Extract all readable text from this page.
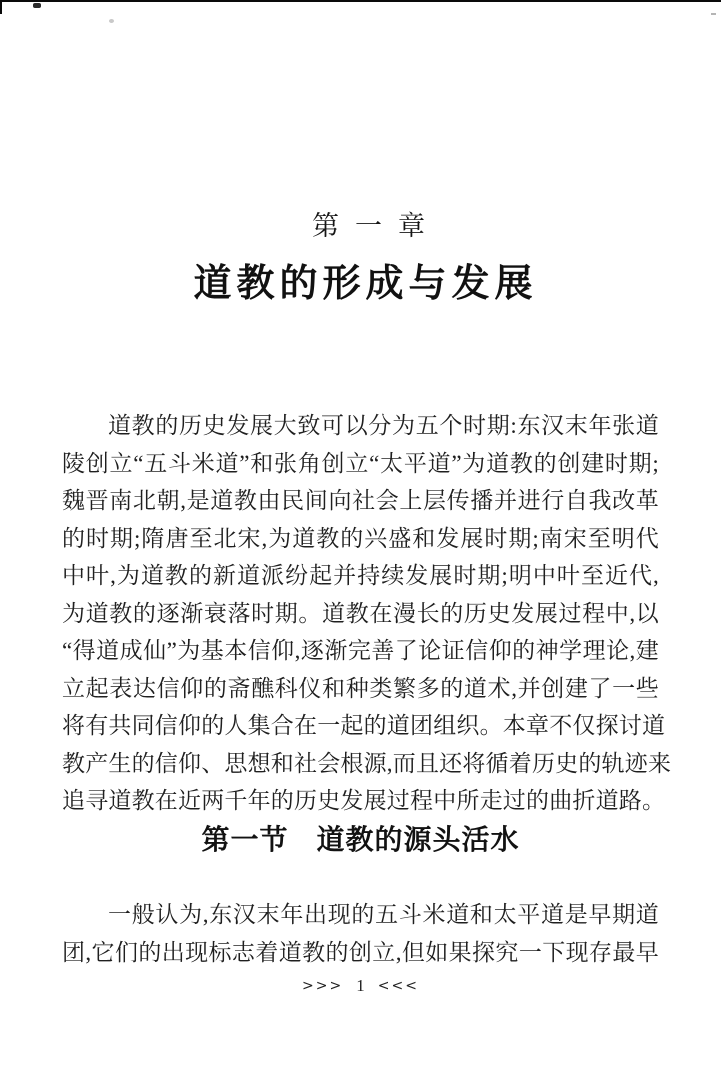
第一章
道教的形成与发展

道教的历史发展大致可以分为五个时期:东汉末年张道

陵创立“五斗米道”和张角创立“太平道”为道教的创建时期;

魏晋南北朝,是道教由民间向社会上层传播并进行自我改革

的时期;隋唐至北宋,为道教的兴盛和发展时期;南宋至明代

中叶,为道教的新道派纷起并持续发展时期;明中叶至近代,

为道教的逐渐衰落时期。道教在漫长的历史发展过程中,以

“得道成仙”为基本信仰,逐渐完善了论证信仰的神学理论,建

立起表达信仰的斋醮科仪和种类繁多的道术,并创建了一些

将有共同信仰的人集合在一起的道团组织。本章不仅探讨道

教产生的信仰、思想和社会根源,而且还将循着历史的轨迹来

追寻道教在近两千年的历史发展过程中所走过的曲折道路。

第一节 道教的源头活水

一般认为,东汉末年出现的五斗米道和太平道是早期道

团,它们的出现标志着道教的创立,但如果探究一下现存最早

>>> 1 <<<
